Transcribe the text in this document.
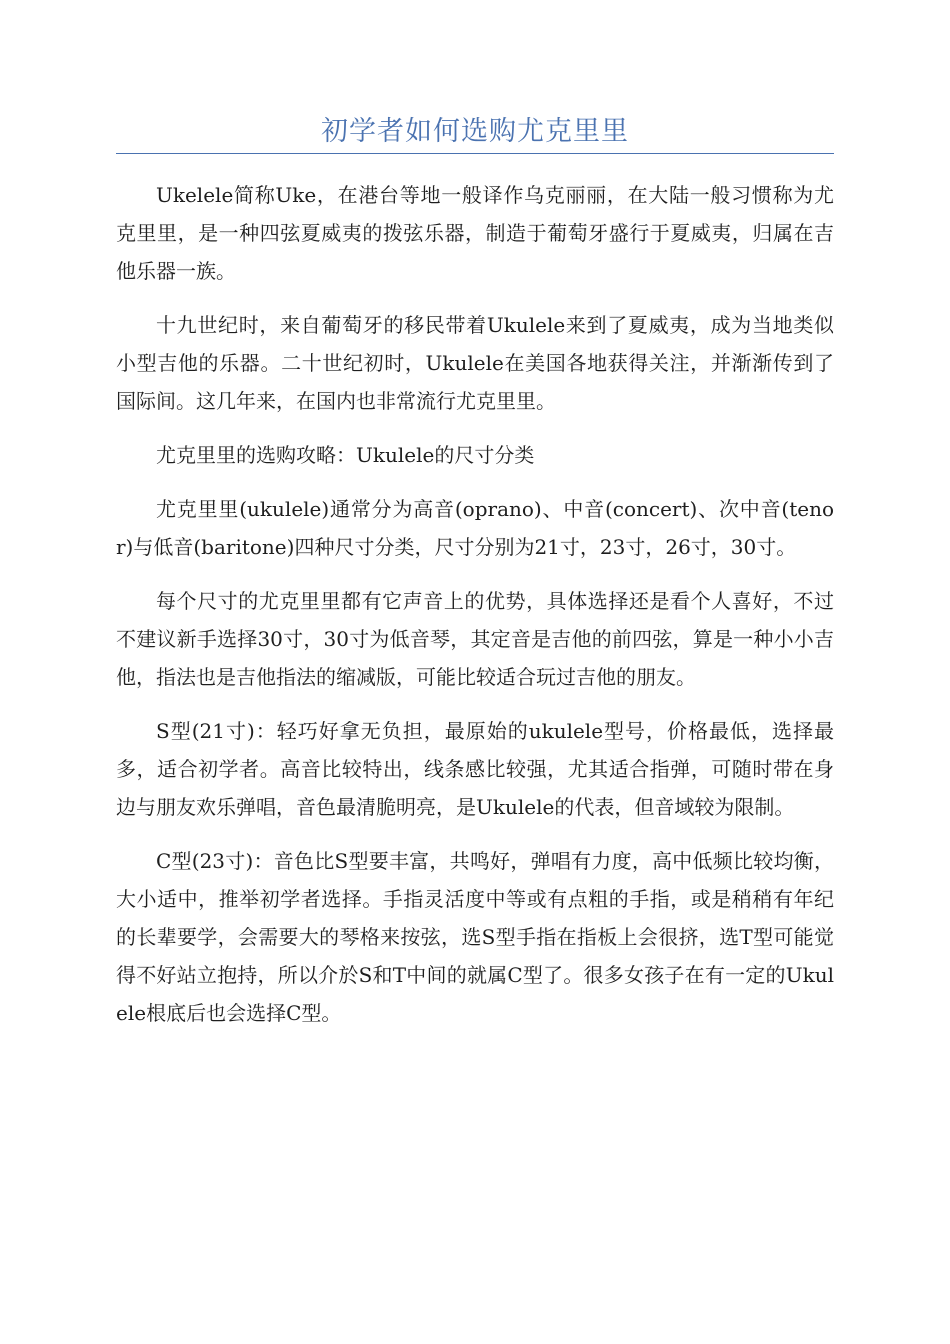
初学者如何选购尤克里里

Ukelele简称Uke，在港台等地一般译作乌克丽丽，在大陆一般习惯称为尤克里里，是一种四弦夏威夷的拨弦乐器，制造于葡萄牙盛行于夏威夷，归属在吉他乐器一族。

十九世纪时，来自葡萄牙的移民带着Ukulele来到了夏威夷，成为当地类似小型吉他的乐器。二十世纪初时，Ukulele在美国各地获得关注，并渐渐传到了国际间。这几年来，在国内也非常流行尤克里里。

尤克里里的选购攻略：Ukulele的尺寸分类

尤克里里(ukulele)通常分为高音(oprano)、中音(concert)、次中音(tenor)与低音(baritone)四种尺寸分类，尺寸分别为21寸，23寸，26寸，30寸。

每个尺寸的尤克里里都有它声音上的优势，具体选择还是看个人喜好，不过不建议新手选择30寸，30寸为低音琴，其定音是吉他的前四弦，算是一种小小吉他，指法也是吉他指法的缩减版，可能比较适合玩过吉他的朋友。

S型(21寸)：轻巧好拿无负担，最原始的ukulele型号，价格最低，选择最多，适合初学者。高音比较特出，线条感比较强，尤其适合指弹，可随时带在身边与朋友欢乐弹唱，音色最清脆明亮，是Ukulele的代表，但音域较为限制。

C型(23寸)：音色比S型要丰富，共鸣好，弹唱有力度，高中低频比较均衡，大小适中，推举初学者选择。手指灵活度中等或有点粗的手指，或是稍稍有年纪的长辈要学，会需要大的琴格来按弦，选S型手指在指板上会很挤，选T型可能觉得不好站立抱持，所以介於S和T中间的就属C型了。很多女孩子在有一定的Ukulele根底后也会选择C型。
